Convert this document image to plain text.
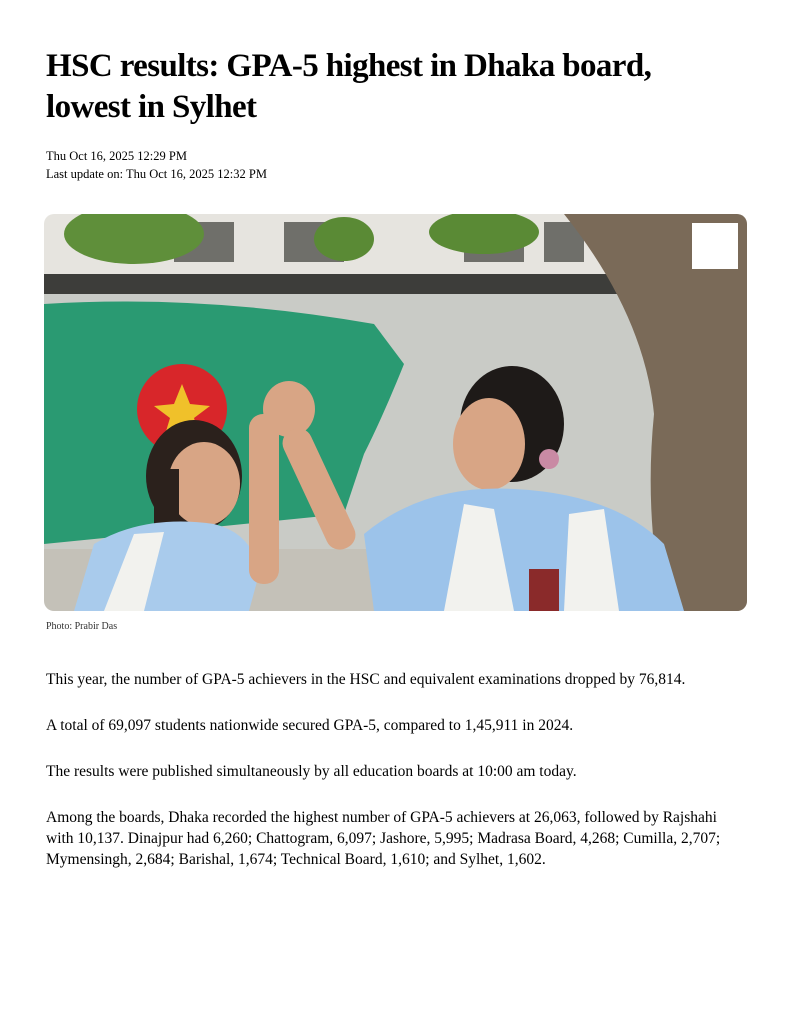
HSC results: GPA-5 highest in Dhaka board,
lowest in Sylhet
Thu Oct 16, 2025 12:29 PM
Last update on: Thu Oct 16, 2025 12:32 PM
Photo: Prabir Das

This year, the number of GPA-5 achievers in the HSC and equivalent examinations dropped by 76,814.

A total of 69,097 students nationwide secured GPA-5, compared to 1,45,911 in 2024.

The results were published simultaneously by all education boards at 10:00 am today.

Among the boards, Dhaka recorded the highest number of GPA-5 achievers at 26,063, followed by Rajshahi with 10,137. Dinajpur had 6,260; Chattogram, 6,097; Jashore, 5,995; Madrasa Board, 4,268; Cumilla, 2,707; Mymensingh, 2,684; Barishal, 1,674; Technical Board, 1,610; and Sylhet, 1,602.
